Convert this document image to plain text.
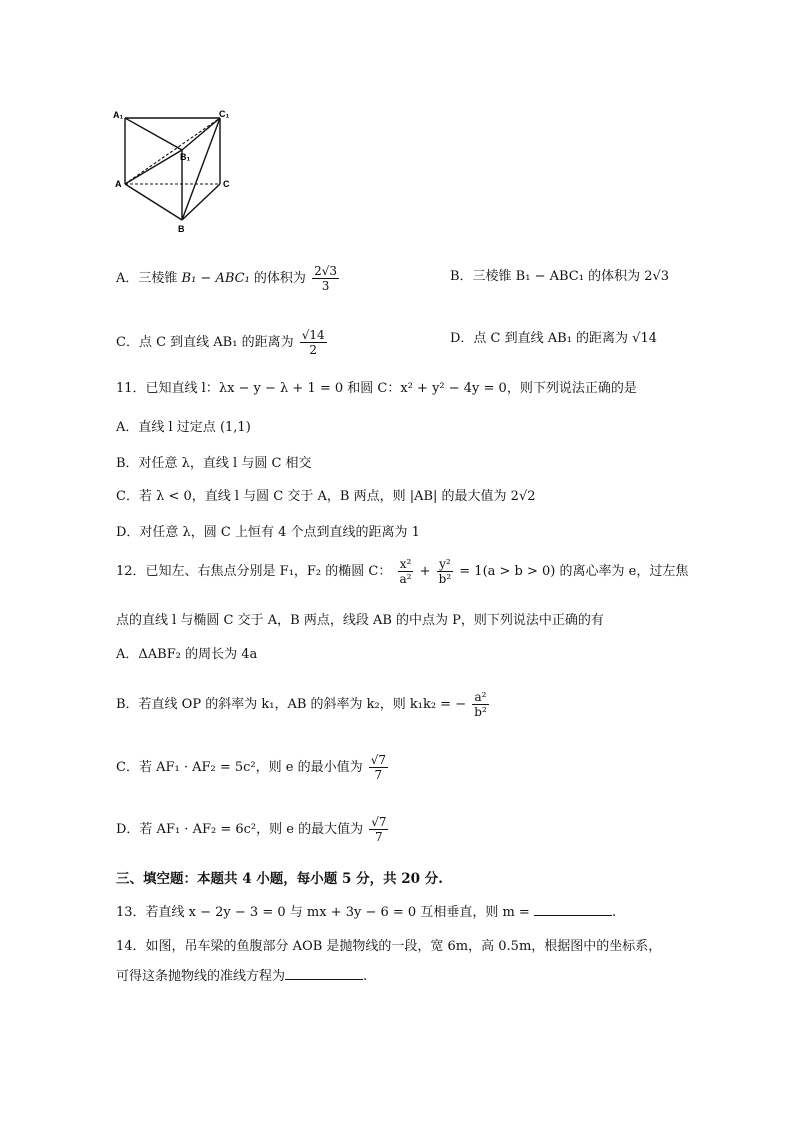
A₁	C₁
B₁
A	C
B
A．三棱锥 B₁ − ABC₁ 的体积为 $\frac{2√3}{3}$	B．三棱锥 B₁ − ABC₁ 的体积为 2√3
C．点 C 到直线 AB₁ 的距离为 $\frac{√14}{2}$	D．点 C 到直线 AB₁ 的距离为 √14
11．已知直线 l：λx − y − λ + 1 = 0 和圆 C：x² + y² − 4y = 0，则下列说法正确的是
A．直线 l 过定点 (1,1)
B．对任意 λ，直线 l 与圆 C 相交
C．若 λ < 0，直线 l 与圆 C 交于 A，B 两点，则 |AB| 的最大值为 2√2
D．对任意 λ，圆 C 上恒有 4 个点到直线的距离为 1
12．已知左、右焦点分别是 F₁，F₂ 的椭圆 C： $\frac{\text{x²}}{\text{a²}} + \frac{\text{y²}}{\text{b²}} = 1(a > b > 0)$ 的离心率为 e，过左焦
点的直线 l 与椭圆 C 交于 A，B 两点，线段 AB 的中点为 P，则下列说法中正确的有
A．ΔABF₂ 的周长为 4a
B．若直线 OP 的斜率为 k₁，AB 的斜率为 k₂，则 k₁k₂ = − $\frac{\text{a²}}{\text{b²}}$
C．若 AF₁ · AF₂ = 5c²，则 e 的最小值为 $\frac{√7}{7}$
D．若 AF₁ · AF₂ = 6c²，则 e 的最大值为 $\frac{√7}{7}$
三、填空题：本题共 4 小题，每小题 5 分，共 20 分.
13．若直线 x − 2y − 3 = 0 与 mx + 3y − 6 = 0 互相垂直，则 m =	.
14．如图，吊车梁的鱼腹部分 AOB 是抛物线的一段，宽 6m，高 0.5m，根据图中的坐标系，
可得这条抛物线的准线方程为	.
